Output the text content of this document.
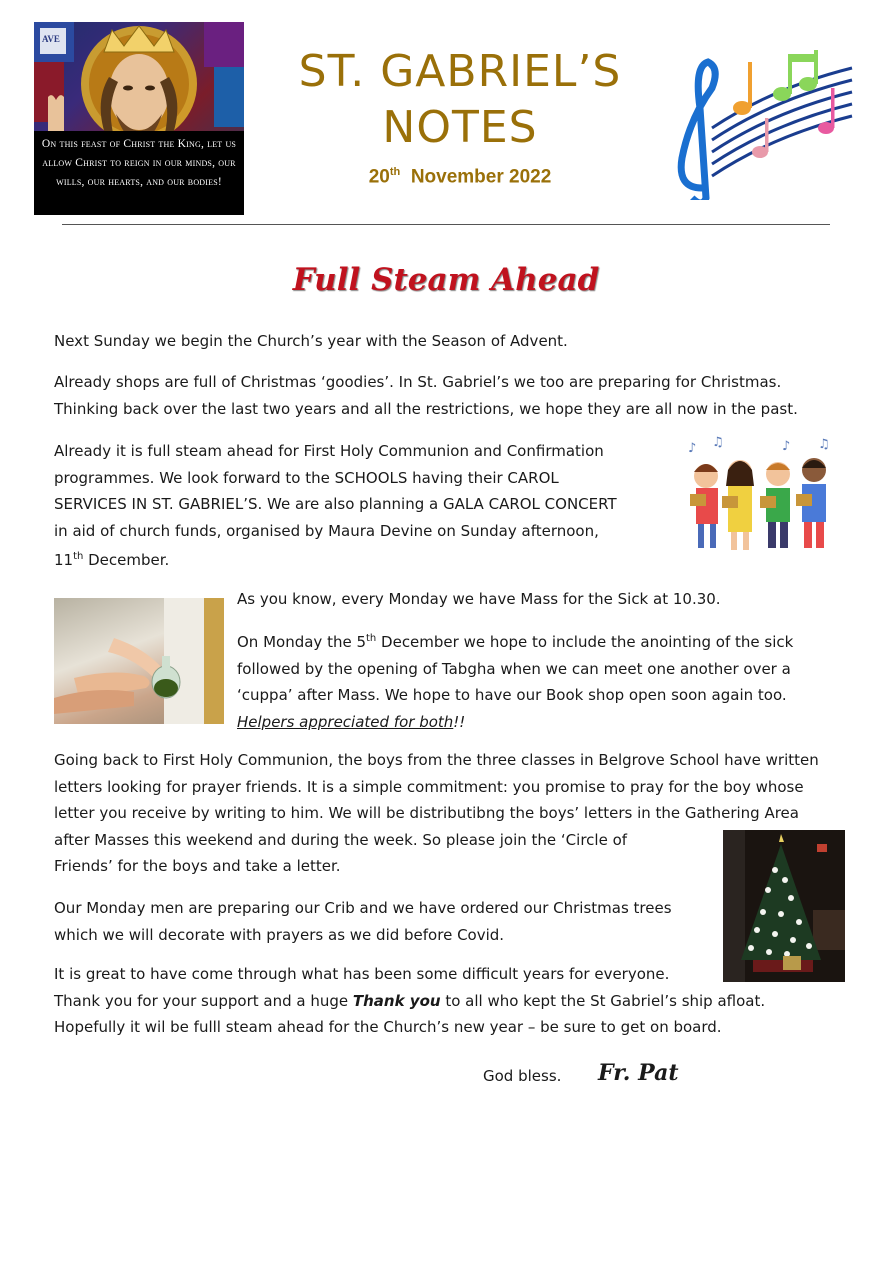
AVE
On this feast of Christ the King, let us allow Christ to reign in our minds, our wills, our hearts, and our bodies!
ST. GABRIEL’S
NOTES
20th November 2022
Full Steam Ahead
Next Sunday we begin the Church’s year with the Season of Advent.
Already shops are full of Christmas ‘goodies’. In St. Gabriel’s we too are preparing for Christmas. Thinking back over the last two years and all the restrictions, we hope they are all now in the past.
Already it is full steam ahead for First Holy Communion and Confirmation
programmes. We look forward to the SCHOOLS having their CAROL
SERVICES IN ST. GABRIEL’S. We are also planning a GALA CAROL CONCERT
in aid of church funds, organised by Maura Devine on Sunday afternoon,
11th December.
♪ ♫	♪ ♫
As you know, every Monday we have Mass for the Sick at 10.30.
On Monday the 5th December we hope to include the anointing of the sick followed by the opening of Tabgha when we can meet one another over a ‘cuppa’ after Mass. We hope to have our Book shop open soon again too.
Helpers appreciated for both!!
Going back to First Holy Communion, the boys from the three classes in Belgrove School have written
letters looking for prayer friends. It is a simple commitment: you promise to pray for the boy whose
letter you receive by writing to him. We will be distributibng the boys’ letters in the Gathering Area
after Masses this weekend and during the week. So please join the ‘Circle of
Friends’ for the boys and take a letter.
Our Monday men are preparing our Crib and we have ordered our Christmas trees
which we will decorate with prayers as we did before Covid.
It is great to have come through what has been some difficult years for everyone.
Thank you for your support and a huge Thank you to all who kept the St Gabriel’s ship afloat.
Hopefully it wil be fulll steam ahead for the Church’s new year – be sure to get on board.
God bless. Fr. Pat
